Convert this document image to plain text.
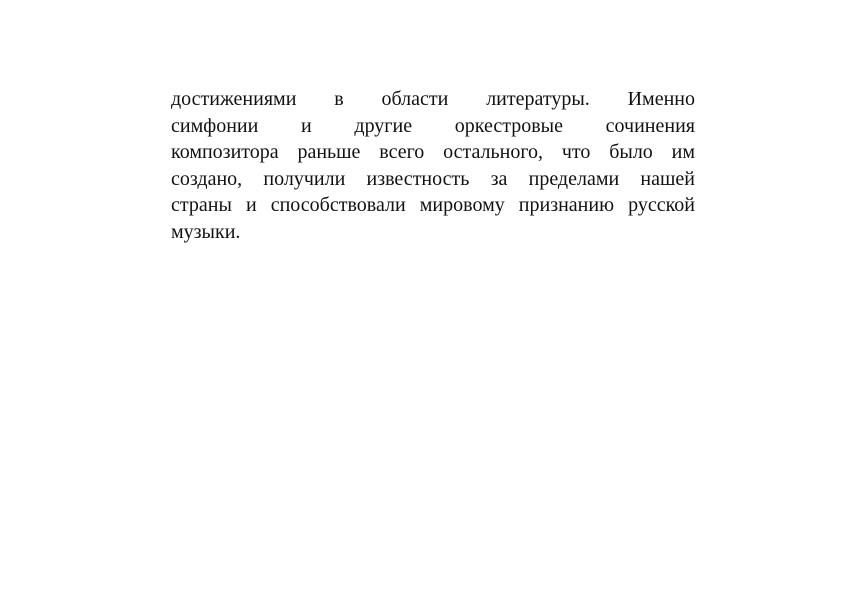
достижениями в области литературы. Именно
симфонии и другие оркестровые сочинения
композитора раньше всего остального, что было им
создано, получили известность за пределами нашей
страны и способствовали мировому признанию русской
музыки.
